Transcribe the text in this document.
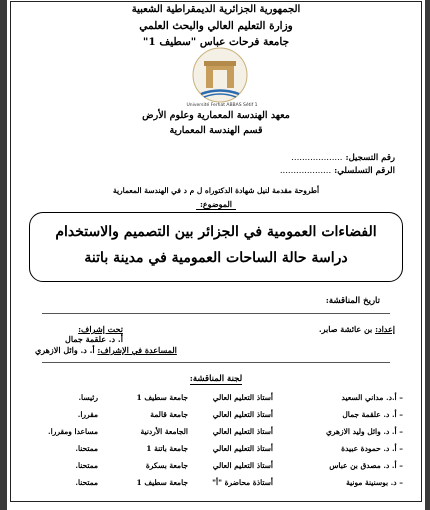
الجمهورية الجزائرية الديمقراطية الشعبية
وزارة التعليم العالي والبحث العلمي
جامعة فرحات عباس "سطيف 1"
Université Ferhat ABBAS Sétif 1
معهد الهندسة المعمارية وعلوم الأرض
قسم الهندسة المعمارية
رقم التسجيل: ...................
الرقم التسلسلي: ...................
أطروحة مقدمة لنيل شهادة الدكتوراه ل م د في الهندسة المعمارية
الموضوع:
الفضاءات العمومية في الجزائر بين التصميم والاستخدام
دراسة حالة الساحات العمومية في مدينة باتنة
تاريخ المناقشة:
إعداد: بن عائشة صابر.
تحت إشراف:
أ. د. علقمة جمال
المساعدة في الإشراف: أ. د. وائل الازهري
لجنة المناقشة:
– أ.د. مداني السعيد
أستاذ التعليم العالي
جامعة سطيف 1
رئيسا.
– أ. د. علقمة جمال
أستاذ التعليم العالي
جامعة قالمة
مقررا.
– أ. د. وائل وليد الازهري
أستاذ التعليم العالي
الجامعة الأردنية
مساعدا ومقررا.
– أ. د. حمودة عبيدة
أستاذ التعليم العالي
جامعة باتنة 1
ممتحنا.
– أ. د. مصدق بن عباس
أستاذ التعليم العالي
جامعة بسكرة
ممتحنا.
– د. بوسنينة مونية
أستاذة محاضرة "أ"
جامعة سطيف 1
ممتحنا.
